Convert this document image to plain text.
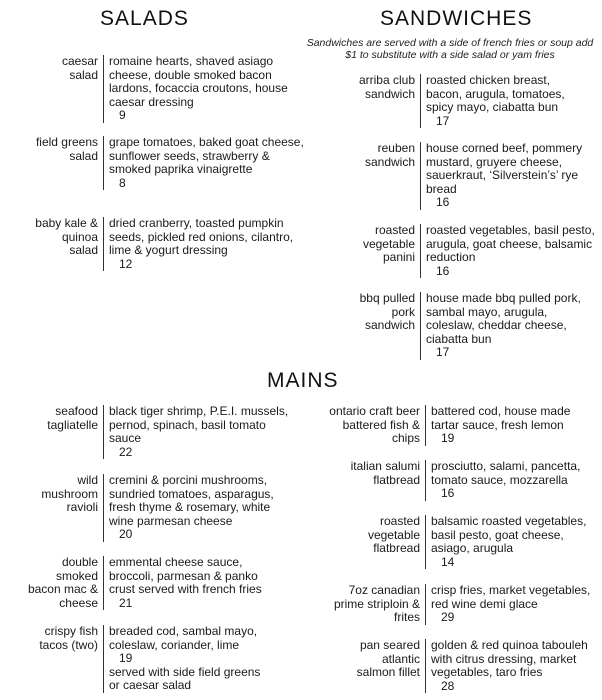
SALADS
caesar salad
romaine hearts, shaved asiago cheese, double smoked bacon lardons, focaccia croutons, house caesar dressing
9
field greens salad
grape tomatoes, baked goat cheese, sunflower seeds, strawberry & smoked paprika vinaigrette
8
baby kale & quinoa salad
dried cranberry, toasted pumpkin seeds, pickled red onions, cilantro, lime & yogurt dressing
12
SANDWICHES
Sandwiches are served with a side of french fries or soup add $1 to substitute with a side salad or yam fries
arriba club sandwich
roasted chicken breast, bacon, arugula, tomatoes, spicy mayo, ciabatta bun
17
reuben sandwich
house corned beef, pommery mustard, gruyere cheese, sauerkraut, ‘Silverstein’s’ rye bread
16
roasted vegetable panini
roasted vegetables, basil pesto, arugula, goat cheese, balsamic reduction
16
bbq pulled pork sandwich
house made bbq pulled pork, sambal mayo, arugula, coleslaw, cheddar cheese, ciabatta bun
17
MAINS
seafood tagliatelle
black tiger shrimp, P.E.I. mussels, pernod, spinach, basil tomato sauce
22
wild mushroom ravioli
cremini & porcini mushrooms, sundried tomatoes, asparagus, fresh thyme & rosemary, white wine parmesan cheese
20
double smoked bacon mac & cheese
emmental cheese sauce, broccoli, parmesan & panko crust served with french fries
21
crispy fish tacos (two)
breaded cod, sambal mayo, coleslaw, coriander, lime
19
served with side field greens or caesar salad
ontario craft beer battered fish & chips
battered cod, house made tartar sauce, fresh lemon
19
italian salumi flatbread
prosciutto, salami, pancetta, tomato sauce, mozzarella
16
roasted vegetable flatbread
balsamic roasted vegetables, basil pesto, goat cheese, asiago, arugula
14
7oz canadian prime striploin & frites
crisp fries, market vegetables, red wine demi glace
29
pan seared atlantic salmon fillet
golden & red quinoa tabouleh with citrus dressing, market vegetables, taro fries
28
